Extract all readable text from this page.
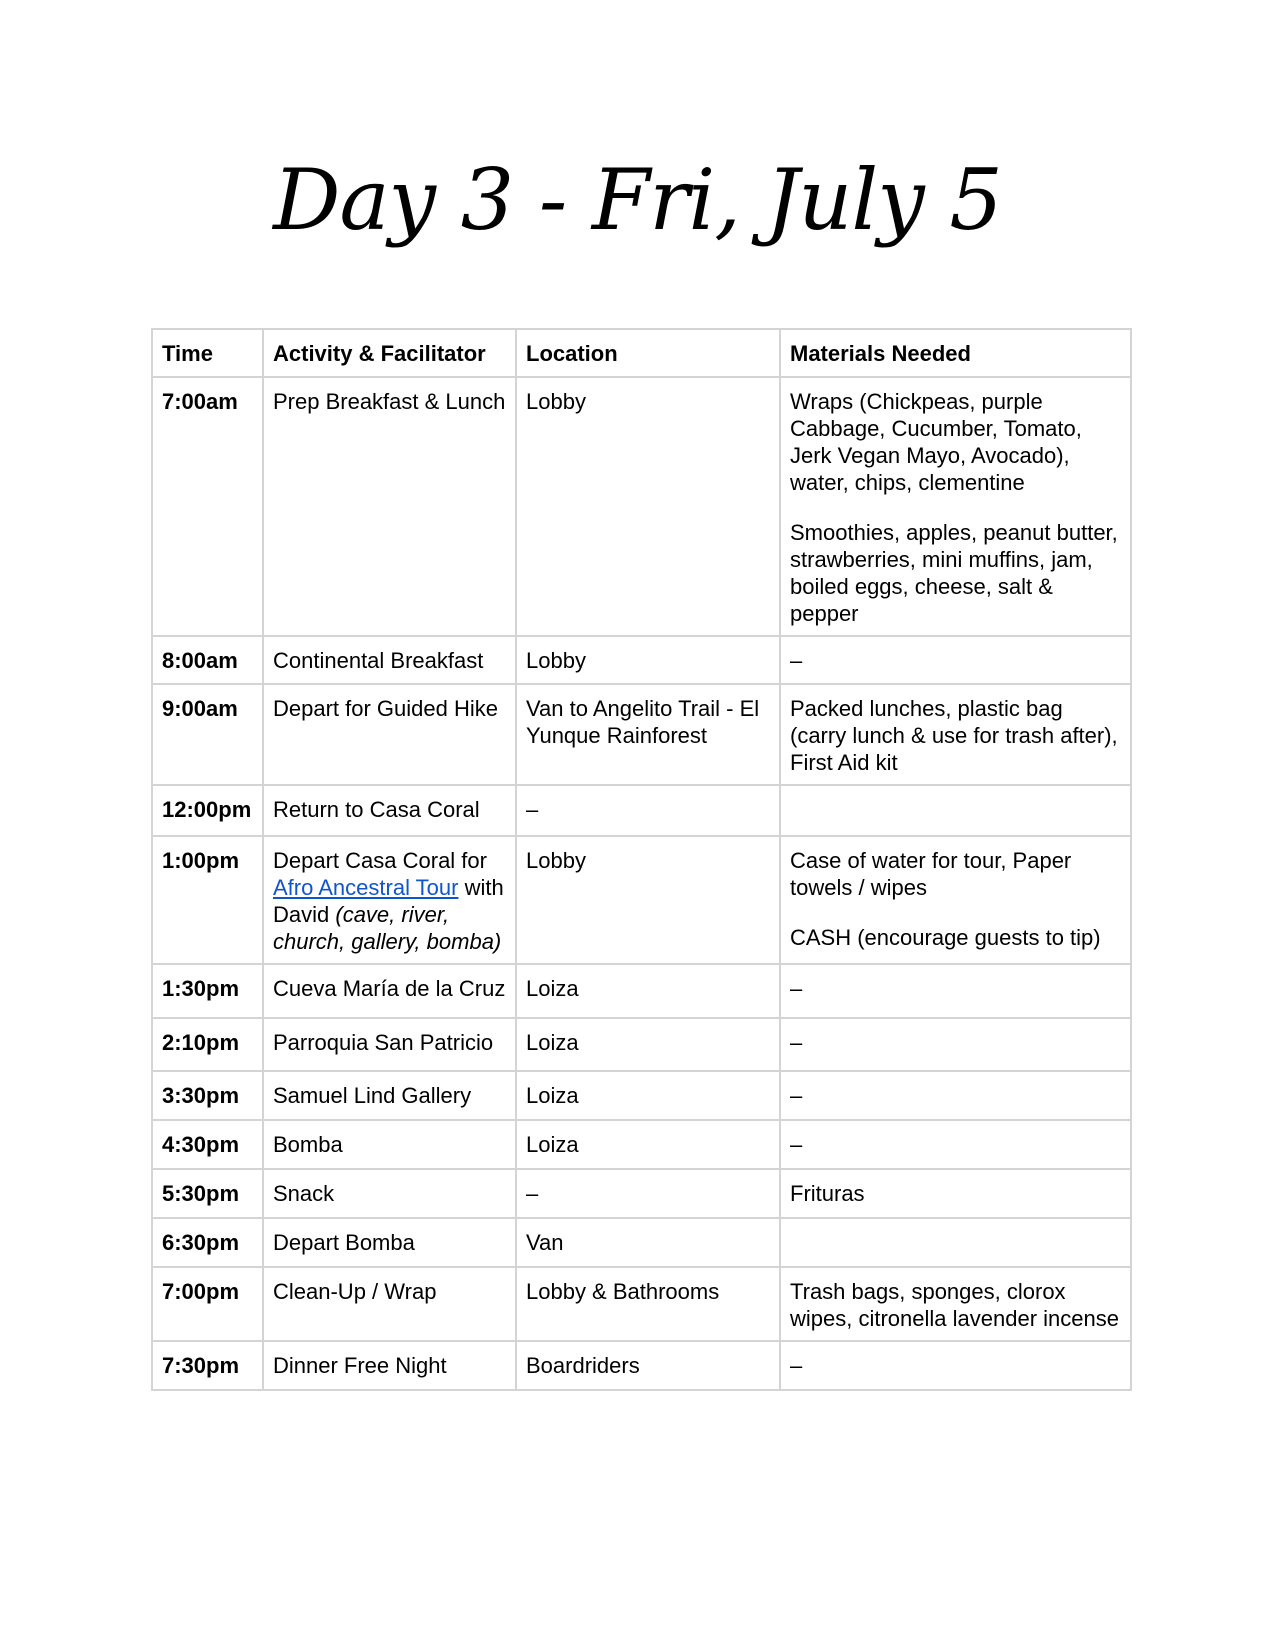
Day 3 - Fri, July 5
Time	Activity & Facilitator	Location	Materials Needed
7:00am	Prep Breakfast & Lunch	Lobby	Wraps (Chickpeas, purple Cabbage, Cucumber, Tomato, Jerk Vegan Mayo, Avocado), water, chips, clementine
Smoothies, apples, peanut butter, strawberries, mini muffins, jam, boiled eggs, cheese, salt & pepper

8:00am	Continental Breakfast	Lobby	–

9:00am	Depart for Guided Hike	Van to Angelito Trail - El Yunque Rainforest	Packed lunches, plastic bag (carry lunch & use for trash after), First Aid kit

12:00pm	Return to Casa Coral	–	
1:00pm	Depart Casa Coral for Afro Ancestral Tour with David (cave, river, church, gallery, bomba)	Lobby	Case of water for tour, Paper towels / wipes
CASH (encourage guests to tip)

1:30pm	Cueva María de la Cruz	Loiza	–

2:10pm	Parroquia San Patricio	Loiza	–

3:30pm	Samuel Lind Gallery	Loiza	–

4:30pm	Bomba	Loiza	–

5:30pm	Snack	–	Frituras

6:30pm	Depart Bomba	Van	
7:00pm	Clean-Up / Wrap	Lobby & Bathrooms	Trash bags, sponges, clorox wipes, citronella lavender incense

7:30pm	Dinner Free Night	Boardriders	–
